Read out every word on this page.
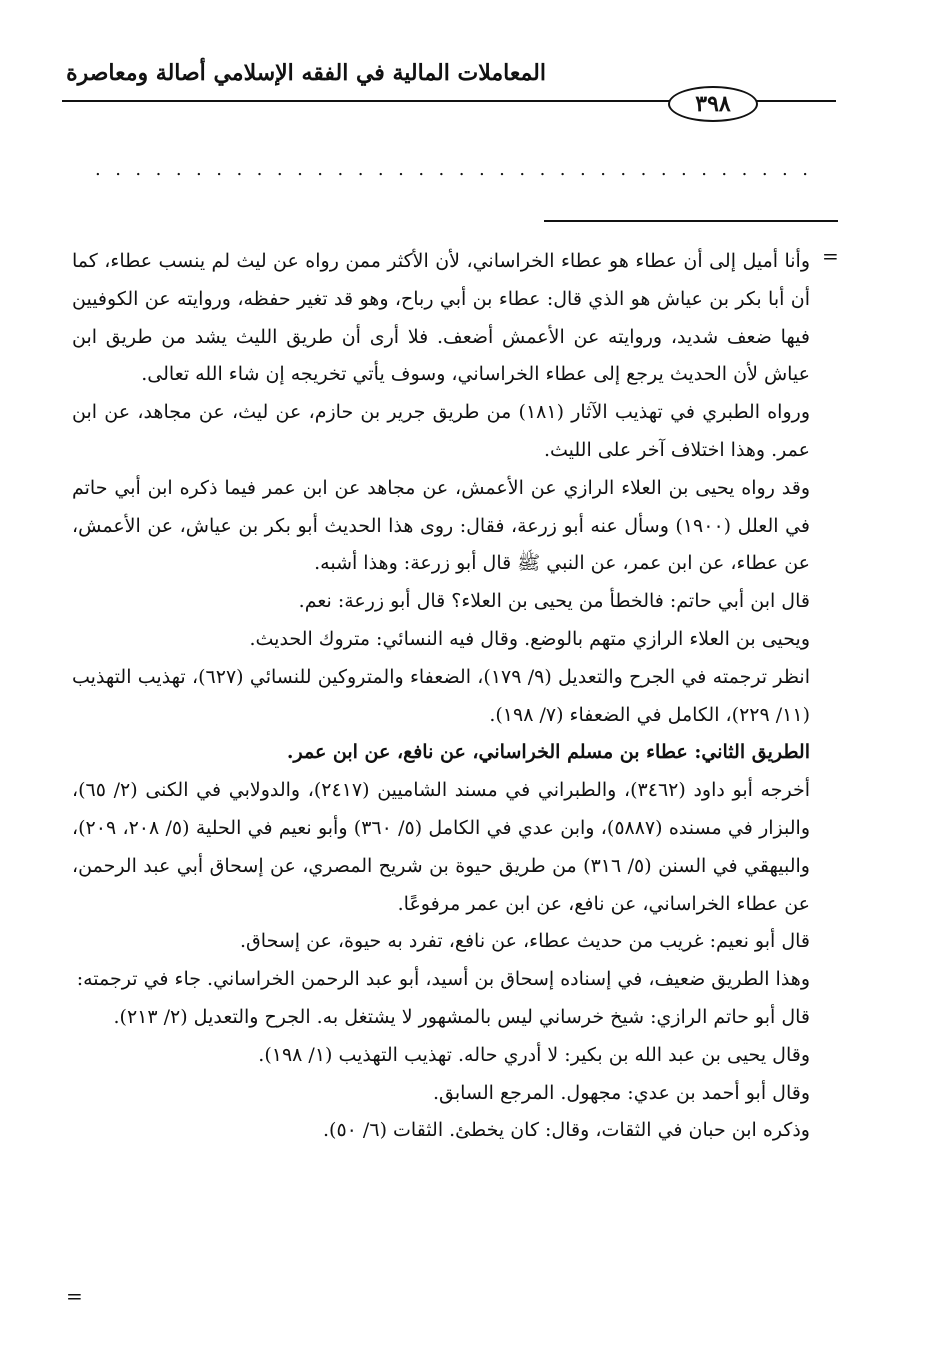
المعاملات المالية في الفقه الإسلامي أصالة ومعاصرة
٣٩٨
. . . . . . . . . . . . . . . . . . . . . . . . . . . . . . . . . . . .
=

وأنا أميل إلى أن عطاء هو عطاء الخراساني، لأن الأكثر ممن رواه عن ليث لم ينسب عطاء، كما أن أبا بكر بن عياش هو الذي قال: عطاء بن أبي رباح، وهو قد تغير حفظه، وروايته عن الكوفيين فيها ضعف شديد، وروايته عن الأعمش أضعف. فلا أرى أن طريق الليث يشد من طريق ابن عياش لأن الحديث يرجع إلى عطاء الخراساني، وسوف يأتي تخريجه إن شاء الله تعالى.

ورواه الطبري في تهذيب الآثار (١٨١) من طريق جرير بن حازم، عن ليث، عن مجاهد، عن ابن عمر. وهذا اختلاف آخر على الليث.

وقد رواه يحيى بن العلاء الرازي عن الأعمش، عن مجاهد عن ابن عمر فيما ذكره ابن أبي حاتم في العلل (١٩٠٠) وسأل عنه أبو زرعة، فقال: روى هذا الحديث أبو بكر بن عياش، عن الأعمش، عن عطاء، عن ابن عمر، عن النبي ﷺ قال أبو زرعة: وهذا أشبه.

قال ابن أبي حاتم: فالخطأ من يحيى بن العلاء؟ قال أبو زرعة: نعم.

ويحيى بن العلاء الرازي متهم بالوضع. وقال فيه النسائي: متروك الحديث.

انظر ترجمته في الجرح والتعديل (٩/ ١٧٩)، الضعفاء والمتروكين للنسائي (٦٢٧)، تهذيب التهذيب (١١/ ٢٢٩)، الكامل في الضعفاء (٧/ ١٩٨).

الطريق الثاني: عطاء بن مسلم الخراساني، عن نافع، عن ابن عمر.

أخرجه أبو داود (٣٤٦٢)، والطبراني في مسند الشاميين (٢٤١٧)، والدولابي في الكنى (٢/ ٦٥)، والبزار في مسنده (٥٨٨٧)، وابن عدي في الكامل (٥/ ٣٦٠) وأبو نعيم في الحلية (٥/ ٢٠٨، ٢٠٩)، والبيهقي في السنن (٥/ ٣١٦) من طريق حيوة بن شريح المصري، عن إسحاق أبي عبد الرحمن، عن عطاء الخراساني، عن نافع، عن ابن عمر مرفوعًا.

قال أبو نعيم: غريب من حديث عطاء، عن نافع، تفرد به حيوة، عن إسحاق.

وهذا الطريق ضعيف، في إسناده إسحاق بن أسيد، أبو عبد الرحمن الخراساني. جاء في ترجمته:

قال أبو حاتم الرازي: شيخ خرساني ليس بالمشهور لا يشتغل به. الجرح والتعديل (٢/ ٢١٣).

وقال يحيى بن عبد الله بن بكير: لا أدري حاله. تهذيب التهذيب (١/ ١٩٨).

وقال أبو أحمد بن عدي: مجهول. المرجع السابق.

وذكره ابن حبان في الثقات، وقال: كان يخطئ. الثقات (٦/ ٥٠).

=
